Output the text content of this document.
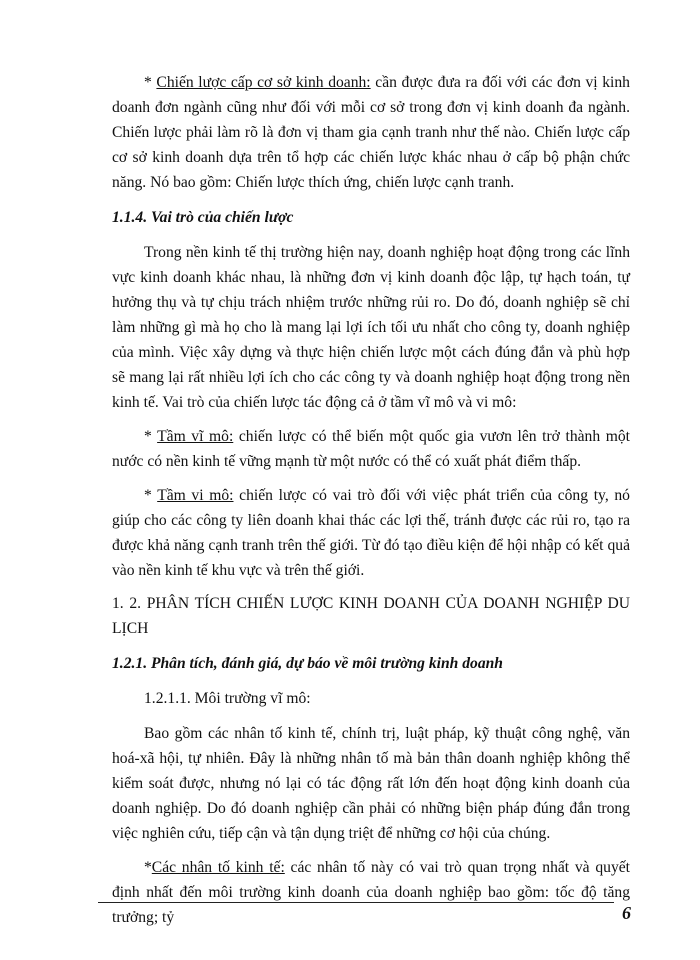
* Chiến lược cấp cơ sở kinh doanh: cần được đưa ra đối với các đơn vị kinh doanh đơn ngành cũng như đối với mỗi cơ sở trong đơn vị kinh doanh đa ngành. Chiến lược phải làm rõ là đơn vị tham gia cạnh tranh như thế nào. Chiến lược cấp cơ sở kinh doanh dựa trên tổ hợp các chiến lược khác nhau ở cấp bộ phận chức năng. Nó bao gồm: Chiến lược thích ứng, chiến lược cạnh tranh.

1.1.4. Vai trò của chiến lược

Trong nền kinh tế thị trường hiện nay, doanh nghiệp hoạt động trong các lĩnh vực kinh doanh khác nhau, là những đơn vị kinh doanh độc lập, tự hạch toán, tự hưởng thụ và tự chịu trách nhiệm trước những rủi ro. Do đó, doanh nghiệp sẽ chỉ làm những gì mà họ cho là mang lại lợi ích tối ưu nhất cho công ty, doanh nghiệp của mình. Việc xây dựng và thực hiện chiến lược một cách đúng đắn và phù hợp sẽ mang lại rất nhiều lợi ích cho các công ty và doanh nghiệp hoạt động trong nền kinh tế. Vai trò của chiến lược tác động cả ở tầm vĩ mô và vi mô:

* Tầm vĩ mô: chiến lược có thể biến một quốc gia vươn lên trở thành một nước có nền kinh tế vững mạnh từ một nước có thể có xuất phát điểm thấp.

* Tầm vi mô: chiến lược có vai trò đối với việc phát triển của công ty, nó giúp cho các công ty liên doanh khai thác các lợi thế, tránh được các rủi ro, tạo ra được khả năng cạnh tranh trên thế giới. Từ đó tạo điều kiện để hội nhập có kết quả vào nền kinh tế khu vực và trên thế giới.

1. 2. PHÂN TÍCH CHIẾN LƯỢC KINH DOANH CỦA DOANH NGHIỆP DU LỊCH

1.2.1. Phân tích, đánh giá, dự báo về môi trường kinh doanh

1.2.1.1. Môi trường vĩ mô:

Bao gồm các nhân tố kinh tế, chính trị, luật pháp, kỹ thuật công nghệ, văn hoá-xã hội, tự nhiên. Đây là những nhân tố mà bản thân doanh nghiệp không thể kiểm soát được, nhưng nó lại có tác động rất lớn đến hoạt động kinh doanh của doanh nghiệp. Do đó doanh nghiệp cần phải có những biện pháp đúng đắn trong việc nghiên cứu, tiếp cận và tận dụng triệt để những cơ hội của chúng.

*Các nhân tố kinh tế: các nhân tố này có vai trò quan trọng nhất và quyết định nhất đến môi trường kinh doanh của doanh nghiệp bao gồm: tốc độ tăng trưởng; tỷ	6
